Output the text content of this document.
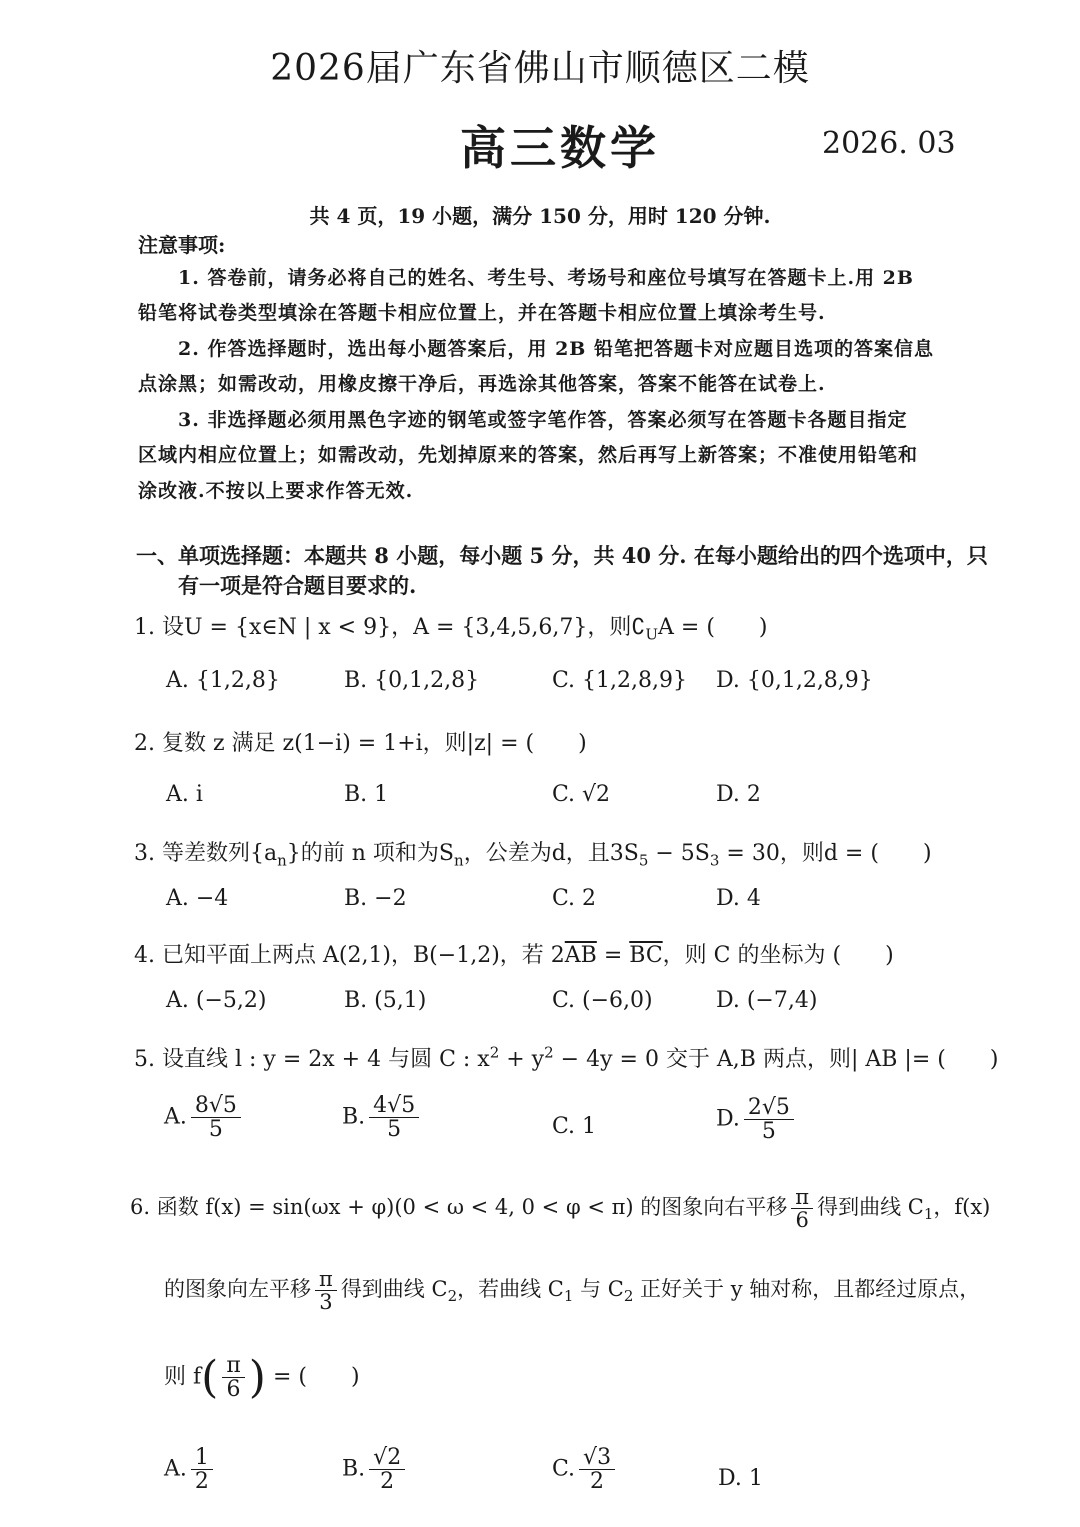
2026届广东省佛山市顺德区二模
高三数学	2026. 03
共 4 页，19 小题，满分 150 分，用时 120 分钟.
注意事项:
1. 答卷前，请务必将自己的姓名、考生号、考场号和座位号填写在答题卡上.用 2B
铅笔将试卷类型填涂在答题卡相应位置上，并在答题卡相应位置上填涂考生号.
2. 作答选择题时，选出每小题答案后，用 2B 铅笔把答题卡对应题目选项的答案信息
点涂黑；如需改动，用橡皮擦干净后，再选涂其他答案，答案不能答在试卷上.
3. 非选择题必须用黑色字迹的钢笔或签字笔作答，答案必须写在答题卡各题目指定
区域内相应位置上；如需改动，先划掉原来的答案，然后再写上新答案；不准使用铅笔和
涂改液.不按以上要求作答无效.
一、单项选择题：本题共 8 小题，每小题 5 分，共 40 分. 在每小题给出的四个选项中，只
有一项是符合题目要求的.
1. 设U = {x∈N | x < 9}，A = {3,4,5,6,7}，则$∁_UA$ = (　　)
A. {1,2,8}	B. {0,1,2,8}	C. {1,2,8,9} D. {0,1,2,8,9}
2. 复数 z 满足 z(1−i) = 1+i，则|z| = (　　)
A. i	B. 1	C. √2	D. 2
3. 等差数列$\{a_n\}$的前 n 项和为$S_n$，公差为d，且$3S_5 - 5S_3 = 30$，则d = (　　)
A. −4	B. −2	C. 2	D. 4
4. 已知平面上两点 A(2,1)，B(−1,2)，若 $2\overline{AB} = \overline{BC}$，则 C 的坐标为 (　　)
A. (−5,2)	B. (5,1)	C. (−6,0)	D. (−7,4)
5. 设直线 l : y = 2x + 4 与圆 C : $x^2 + y^2 - 4y = 0$ 交于 A,B 两点，则| AB |= (　　)
A. $\frac{8√5}{5}$	B. $\frac{4√5}{5}$	C. 1	D. $\frac{2√5}{5}$
6. 函数 f(x) = sin(ωx + φ)(0 < ω < 4, 0 < φ < π) 的图象向右平移 $\frac{\pi}{6}$ 得到曲线 $C_1$，f(x)
的图象向左平移 $\frac{\pi}{3}$ 得到曲线 $C_2$，若曲线 $C_1$ 与 $C_2$ 正好关于 y 轴对称，且都经过原点，
则 $f( \frac{\pi}{6}$ ) = (　　)
A. $\frac{1}{2}$	B. $\frac{√2}{2}$	C. $\frac{√3}{2}$	D. 1
